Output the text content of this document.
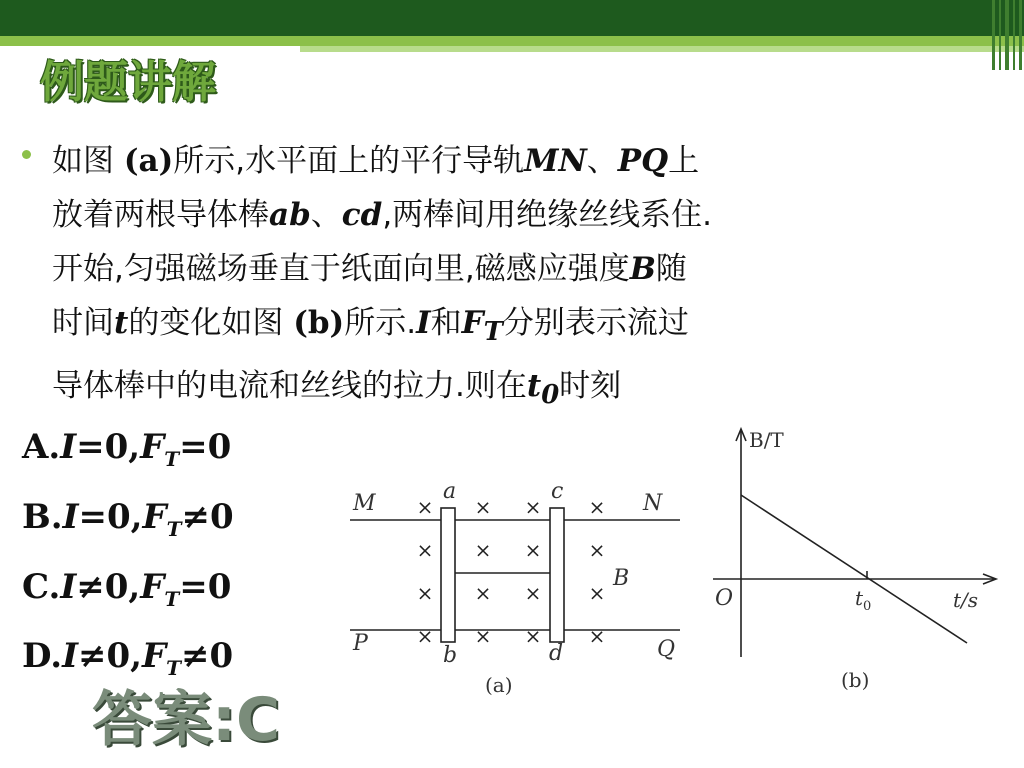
例题讲解
如图 (a)所示,水平面上的平行导轨MN、PQ上
放着两根导体棒ab、cd,两棒间用绝缘丝线系住.
开始,匀强磁场垂直于纸面向里,磁感应强度B随
时间t的变化如图 (b)所示.I和$F_T$分别表示流过
导体棒中的电流和丝线的拉力.则在$t_0$时刻
$A.I=0,F_T=0$
$B.I=0,F_T\ne 0$
$C.I\ne 0,F_T=0$
$D.I\ne 0,F_T\ne 0$
×
×
×
×
×
×
×
×
×
×
×
×
×
×
×
×
M	N
P	Q
a
b
c
d
B
(a)
B/T
t/s
O	$t_0$
(b)
答案:C
